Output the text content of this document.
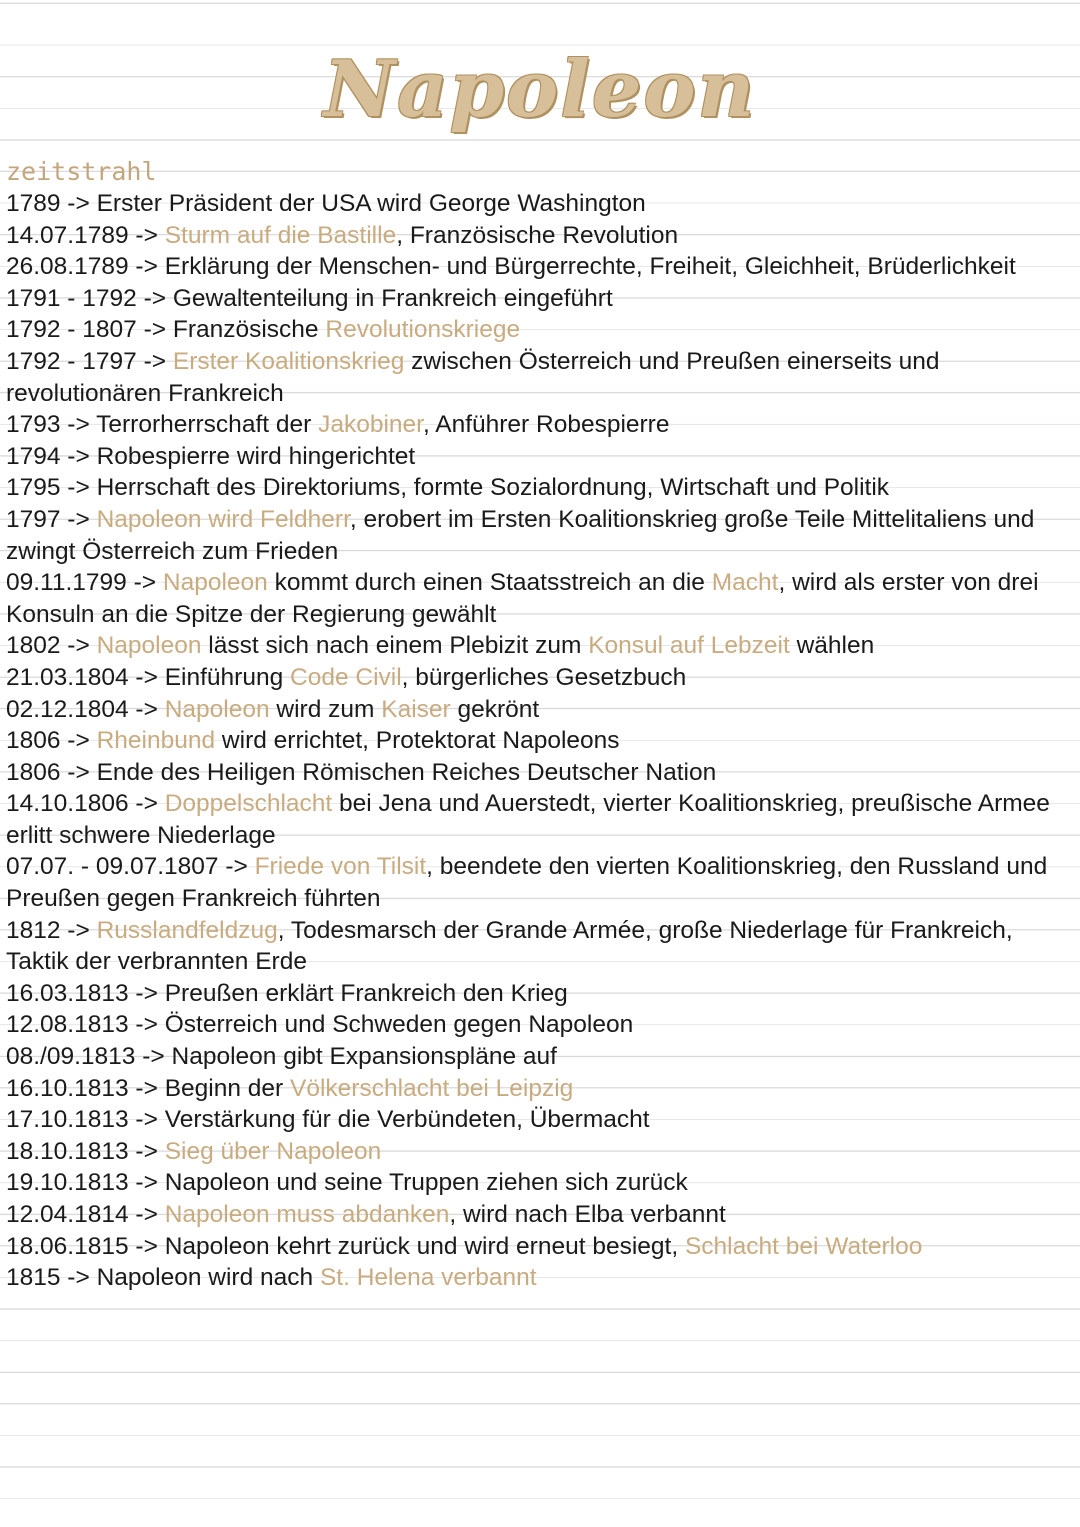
Napoleon
zeitstrahl
1789 -> Erster Präsident der USA wird George Washington
14.07.1789 -> Sturm auf die Bastille, Französische Revolution
26.08.1789 -> Erklärung der Menschen- und Bürgerrechte, Freiheit, Gleichheit, Brüderlichkeit
1791 - 1792 -> Gewaltenteilung in Frankreich eingeführt
1792 - 1807 -> Französische Revolutionskriege
1792 - 1797 -> Erster Koalitionskrieg zwischen Österreich und Preußen einerseits und revolutionären Frankreich
1793 -> Terrorherrschaft der Jakobiner, Anführer Robespierre
1794 -> Robespierre wird hingerichtet
1795 -> Herrschaft des Direktoriums, formte Sozialordnung, Wirtschaft und Politik
1797 -> Napoleon wird Feldherr, erobert im Ersten Koalitionskrieg große Teile Mittelitaliens und zwingt Österreich zum Frieden
09.11.1799 -> Napoleon kommt durch einen Staatsstreich an die Macht, wird als erster von drei Konsuln an die Spitze der Regierung gewählt
1802 -> Napoleon lässt sich nach einem Plebizit zum Konsul auf Lebzeit wählen
21.03.1804 -> Einführung Code Civil, bürgerliches Gesetzbuch
02.12.1804 -> Napoleon wird zum Kaiser gekrönt
1806 -> Rheinbund wird errichtet, Protektorat Napoleons
1806 -> Ende des Heiligen Römischen Reiches Deutscher Nation
14.10.1806 -> Doppelschlacht bei Jena und Auerstedt, vierter Koalitionskrieg, preußische Armee erlitt schwere Niederlage
07.07. - 09.07.1807 -> Friede von Tilsit, beendete den vierten Koalitionskrieg, den Russland und Preußen gegen Frankreich führten
1812 -> Russlandfeldzug, Todesmarsch der Grande Armée, große Niederlage für Frankreich, Taktik der verbrannten Erde
16.03.1813 -> Preußen erklärt Frankreich den Krieg
12.08.1813 -> Österreich und Schweden gegen Napoleon
08./09.1813 -> Napoleon gibt Expansionspläne auf
16.10.1813 -> Beginn der Völkerschlacht bei Leipzig
17.10.1813 -> Verstärkung für die Verbündeten, Übermacht
18.10.1813 -> Sieg über Napoleon
19.10.1813 -> Napoleon und seine Truppen ziehen sich zurück
12.04.1814 -> Napoleon muss abdanken, wird nach Elba verbannt
18.06.1815 -> Napoleon kehrt zurück und wird erneut besiegt, Schlacht bei Waterloo
1815 -> Napoleon wird nach St. Helena verbannt
